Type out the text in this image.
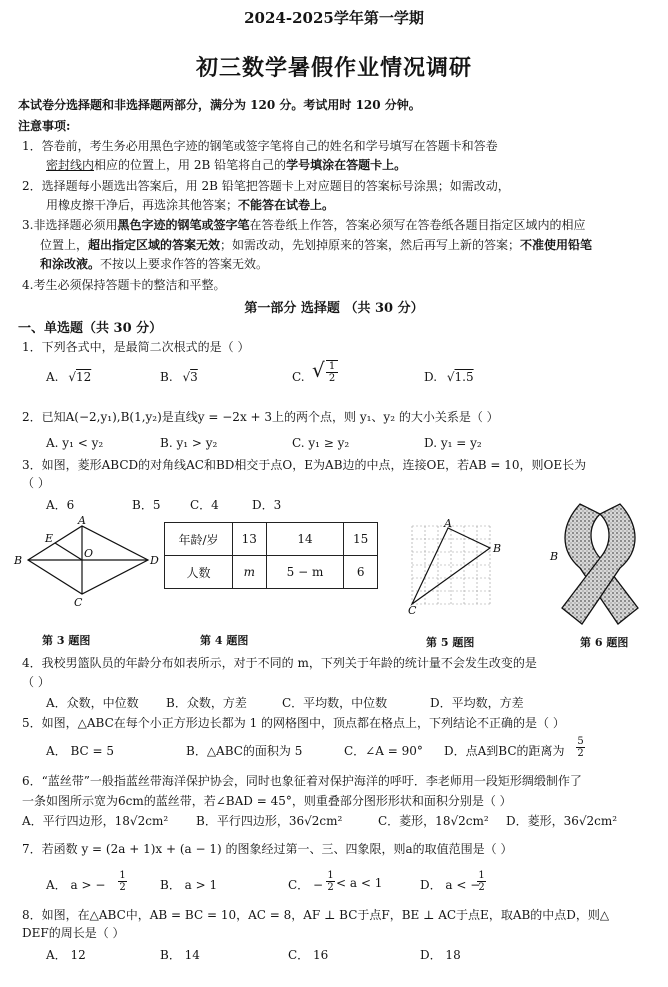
2024-2025学年第一学期
初三数学暑假作业情况调研
本试卷分选择题和非选择题两部分，满分为 120 分。考试用时 120 分钟。
注意事项:
1．答卷前，考生务必用黑色字迹的钢笔或签字笔将自己的姓名和学号填写在答题卡和答卷
密封线内相应的位置上，用 2B 铅笔将自己的学号填涂在答题卡上。
2．选择题每小题选出答案后，用 2B 铅笔把答题卡上对应题目的答案标号涂黑；如需改动，
用橡皮擦干净后，再选涂其他答案；不能答在试卷上。
3.非选择题必须用黑色字迹的钢笔或签字笔在答卷纸上作答，答案必须写在答卷纸各题目指定区域内的相应
位置上，超出指定区域的答案无效；如需改动，先划掉原来的答案，然后再写上新的答案；不准使用铅笔
和涂改液。不按以上要求作答的答案无效。
4.考生必须保持答题卡的整洁和平整。
第一部分 选择题 （共 30 分）
一、单选题（共 30 分）
1．下列各式中，是最简二次根式的是（ ）
A. √12	B. √3	C. √ $\frac{1}{2}$	D. √1.5
2．已知A(−2,y₁),B(1,y₂)是直线y = −2x + 3上的两个点，则 y₁、y₂ 的大小关系是（ ）
A. y₁ < y₂	B. y₁ > y₂	C. y₁ ≥ y₂	D. y₁ = y₂
3．如图，菱形ABCD的对角线AC和BD相交于点O，E为AB边的中点，连接OE，若AB = 10，则OE长为
（ ）
A．6	B．5 C．4	D．3
A
B
C
D
E
O
年龄/岁	13	14	15
人数	m	5 − m	6
A
B
C
B
第 3 题图	第 4 题图	第 5 题图	第 6 题图
4．我校男篮队员的年龄分布如表所示，对于不同的 m，下列关于年龄的统计量不会发生改变的是
（ ）
A．众数，中位数 B．众数，方差	C．平均数，中位数	D．平均数，方差
5．如图，△ABC在每个小正方形边长都为 1 的网格图中，顶点都在格点上，下列结论不正确的是（ ）
A． BC = 5	B．△ABC的面积为 5	C．∠A = 90° D．点A到BC的距离为 $\frac{5}{2}$
6．“蓝丝带”一般指蓝丝带海洋保护协会，同时也象征着对保护海洋的呼吁．李老师用一段矩形绸缎制作了
一条如图所示宽为6cm的蓝丝带，若∠BAD = 45°，则重叠部分图形形状和面积分别是（ ）
A．平行四边形，18√2cm² B．平行四边形，36√2cm²	C．菱形，18√2cm² D．菱形，36√2cm²
7．若函数 y = (2a + 1)x + (a − 1) 的图象经过第一、三、四象限，则a的取值范围是（ ）
A． a > − $\frac{1}{2}$	B． a > 1	C． − $\frac{1}{2} < a < 1$	D． a < −
$\frac{1}{2}$
8．如图，在△ABC中，AB = BC = 10，AC = 8，AF ⊥ BC于点F，BE ⊥ AC于点E，取AB的中点D，则△
DEF的周长是（ ）
A． 12	B． 14	C． 16	D． 18
